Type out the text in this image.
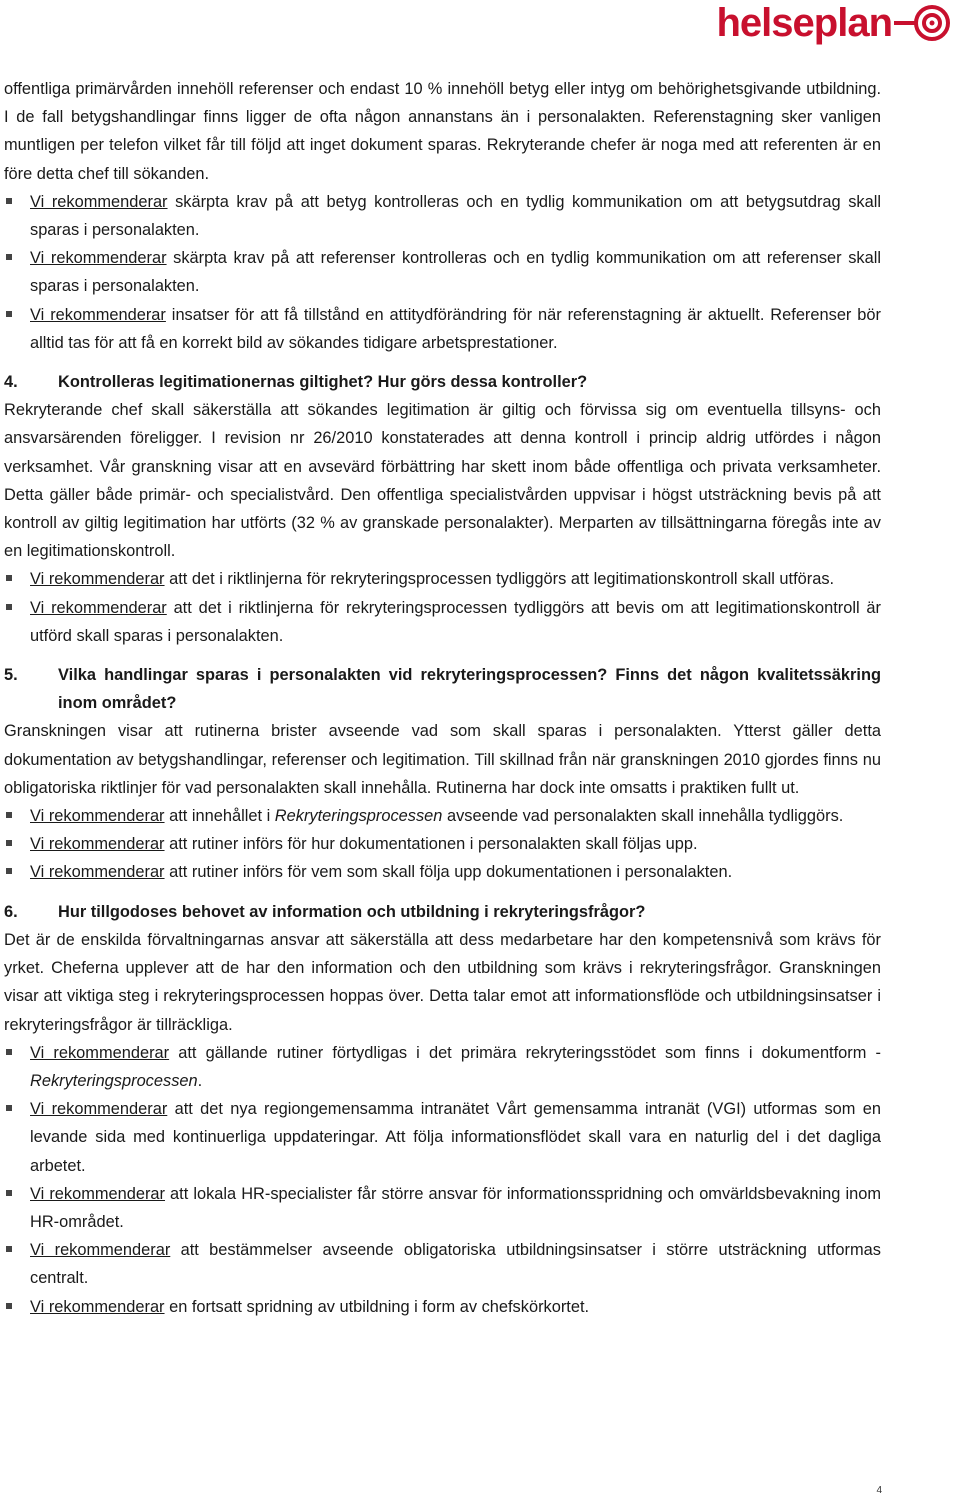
helseplan

offentliga primärvården innehöll referenser och endast 10 % innehöll betyg eller intyg om behörighetsgivande utbildning. I de fall betygshandlingar finns ligger de ofta någon annanstans än i personalakten. Referenstagning sker vanligen muntligen per telefon vilket får till följd att inget dokument sparas. Rekryterande chefer är noga med att referenten är en före detta chef till sökanden.

Vi rekommenderar skärpta krav på att betyg kontrolleras och en tydlig kommunikation om att betygsutdrag skall sparas i personalakten.
Vi rekommenderar skärpta krav på att referenser kontrolleras och en tydlig kommunikation om att referenser skall sparas i personalakten.
Vi rekommenderar insatser för att få tillstånd en attitydförändring för när referenstagning är aktuellt. Referenser bör alltid tas för att få en korrekt bild av sökandes tidigare arbetsprestationer.
4.	Kontrolleras legitimationernas giltighet? Hur görs dessa kontroller?

Rekryterande chef skall säkerställa att sökandes legitimation är giltig och förvissa sig om eventuella tillsyns- och ansvarsärenden föreligger. I revision nr 26/2010 konstaterades att denna kontroll i princip aldrig utfördes i någon verksamhet. Vår granskning visar att en avsevärd förbättring har skett inom både offentliga och privata verksamheter. Detta gäller både primär- och specialistvård. Den offentliga specialistvården uppvisar i högst utsträckning bevis på att kontroll av giltig legitimation har utförts (32 % av granskade personalakter). Merparten av tillsättningarna föregås inte av en legitimationskontroll.

Vi rekommenderar att det i riktlinjerna för rekryteringsprocessen tydliggörs att legitimationskontroll skall utföras.
Vi rekommenderar att det i riktlinjerna för rekryteringsprocessen tydliggörs att bevis om att legitimationskontroll är utförd skall sparas i personalakten.
5.	Vilka handlingar sparas i personalakten vid rekryteringsprocessen? Finns det någon kvalitetssäkring inom området?

Granskningen visar att rutinerna brister avseende vad som skall sparas i personalakten. Ytterst gäller detta dokumentation av betygshandlingar, referenser och legitimation. Till skillnad från när granskningen 2010 gjordes finns nu obligatoriska riktlinjer för vad personalakten skall innehålla. Rutinerna har dock inte omsatts i praktiken fullt ut.

Vi rekommenderar att innehållet i Rekryteringsprocessen avseende vad personalakten skall innehålla tydliggörs.
Vi rekommenderar att rutiner införs för hur dokumentationen i personalakten skall följas upp.
Vi rekommenderar att rutiner införs för vem som skall följa upp dokumentationen i personalakten.
6.	Hur tillgodoses behovet av information och utbildning i rekryteringsfrågor?

Det är de enskilda förvaltningarnas ansvar att säkerställa att dess medarbetare har den kompetensnivå som krävs för yrket. Cheferna upplever att de har den information och den utbildning som krävs i rekryteringsfrågor. Granskningen visar att viktiga steg i rekryteringsprocessen hoppas över. Detta talar emot att informationsflöde och utbildningsinsatser i rekryteringsfrågor är tillräckliga.

Vi rekommenderar att gällande rutiner förtydligas i det primära rekryteringsstödet som finns i dokumentform - Rekryteringsprocessen.
Vi rekommenderar att det nya regiongemensamma intranätet Vårt gemensamma intranät (VGI) utformas som en levande sida med kontinuerliga uppdateringar. Att följa informationsflödet skall vara en naturlig del i det dagliga arbetet.
Vi rekommenderar att lokala HR-specialister får större ansvar för informationsspridning och omvärldsbevakning inom HR-området.
Vi rekommenderar att bestämmelser avseende obligatoriska utbildningsinsatser i större utsträckning utformas centralt.
Vi rekommenderar en fortsatt spridning av utbildning i form av chefskörkortet.
4
